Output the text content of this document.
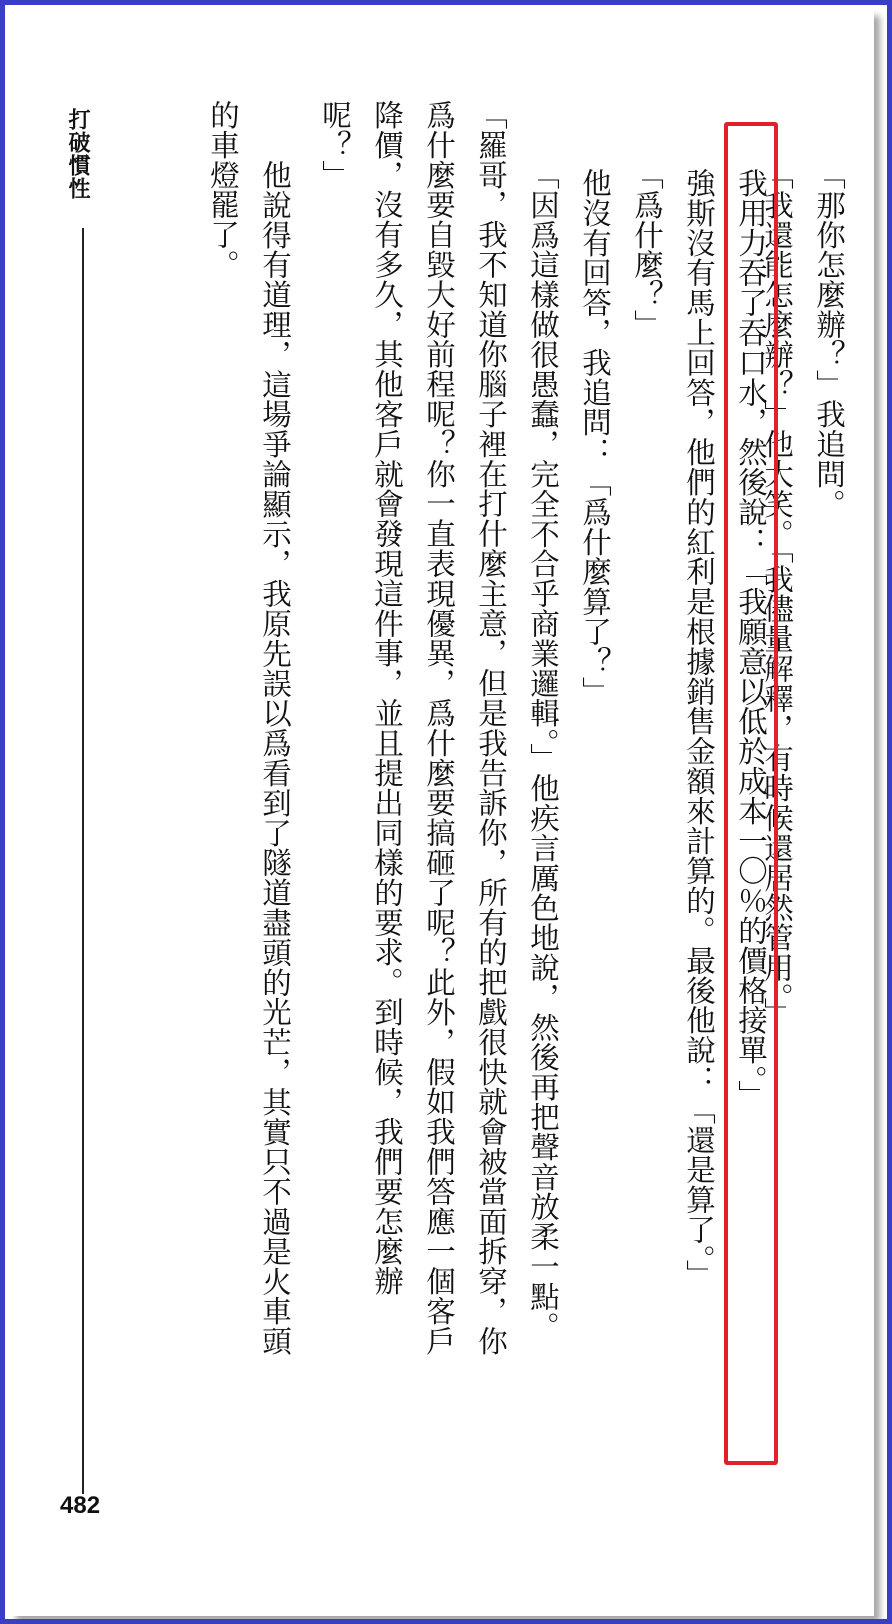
「那你怎麼辦？」我追問。
「我還能怎麼辦？」他大笑。「我儘量解釋，有時候還居然管用。」
我用力吞了吞口水，然後說：「我願意以低於成本一〇％的價格接單。」
強斯沒有馬上回答，他們的紅利是根據銷售金額來計算的。最後他說：「還是算了。」
「爲什麼？」
他沒有回答，我追問：「爲什麼算了？」
「因爲這樣做很愚蠢，完全不合乎商業邏輯。」他疾言厲色地說，然後再把聲音放柔一點。
「羅哥，我不知道你腦子裡在打什麼主意，但是我告訴你，所有的把戲很快就會被當面拆穿，你
爲什麼要自毀大好前程呢？你一直表現優異，爲什麼要搞砸了呢？此外，假如我們答應一個客戶
降價，沒有多久，其他客戶就會發現這件事，並且提出同樣的要求。到時候，我們要怎麼辦
呢？」
他說得有道理，這場爭論顯示，我原先誤以爲看到了隧道盡頭的光芒，其實只不過是火車頭
的車燈罷了。
打破慣性
482
